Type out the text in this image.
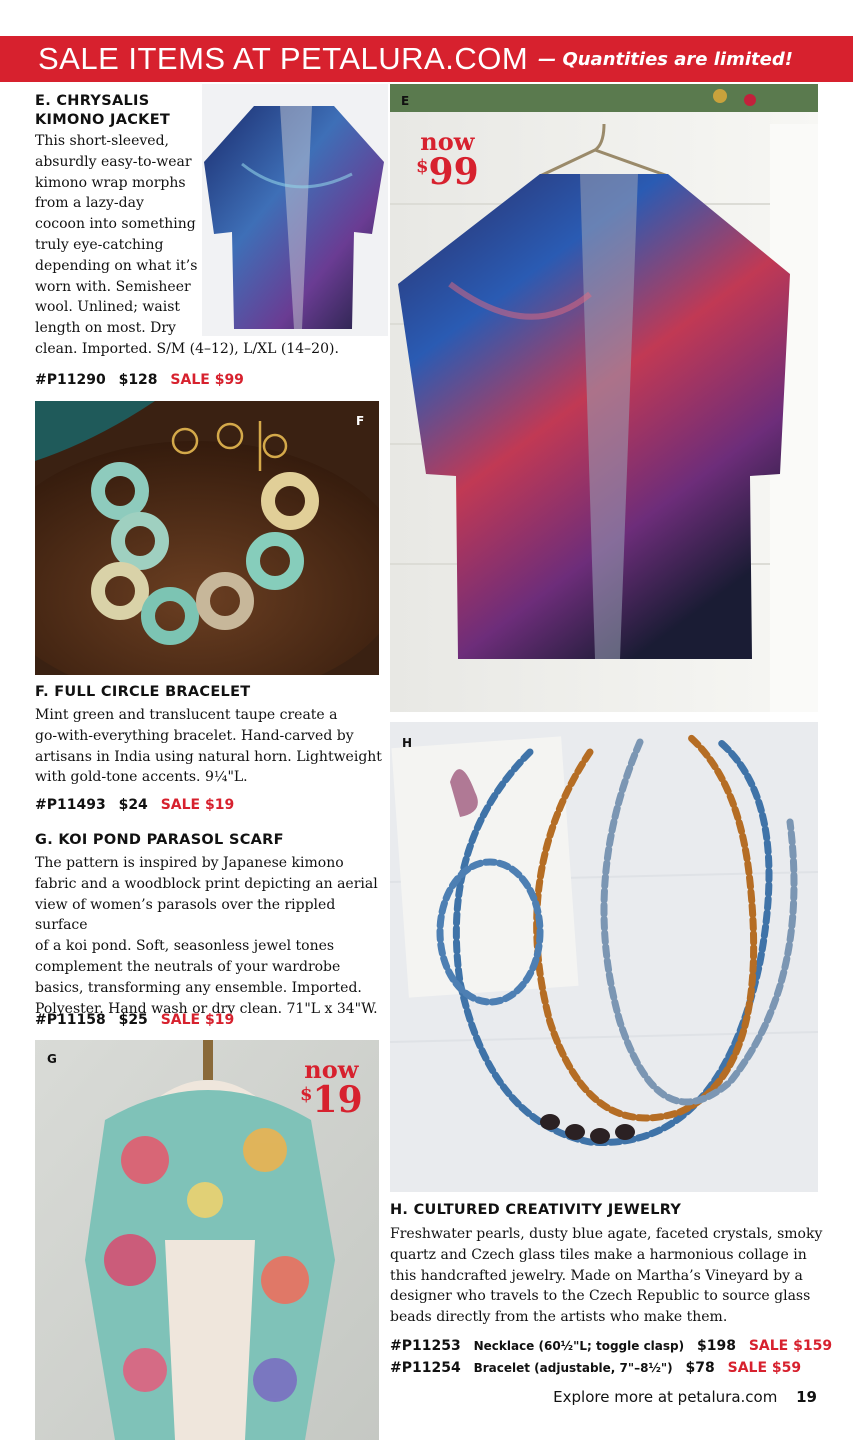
SALE ITEMS AT PETALURA.COM — Quantities are limited!
E. CHRYSALIS
KIMONO JACKET
This short-sleeved,
absurdly easy-to-wear
kimono wrap morphs
from a lazy-day
cocoon into something
truly eye-catching
depending on what it’s
worn with. Semisheer
wool. Unlined; waist
length on most. Dry
clean. Imported. S/M (4–12), L/XL (14–20).
#P11290 $128 SALE $99
E
now
$99
F
F. FULL CIRCLE BRACELET
Mint green and translucent taupe create a
go-with-everything bracelet. Hand-carved by
artisans in India using natural horn. Lightweight
with gold-tone accents. 9¼"L.
#P11493 $24 SALE $19
G. KOI POND PARASOL SCARF
The pattern is inspired by Japanese kimono
fabric and a woodblock print depicting an aerial
view of women’s parasols over the rippled surface
of a koi pond. Soft, seasonless jewel tones
complement the neutrals of your wardrobe
basics, transforming any ensemble. Imported.
Polyester. Hand wash or dry clean. 71"L x 34"W.
#P11158 $25 SALE $19
G	now
$19
H
H. CULTURED CREATIVITY JEWELRY
Freshwater pearls, dusty blue agate, faceted crystals, smoky
quartz and Czech glass tiles make a harmonious collage in
this handcrafted jewelry. Made on Martha’s Vineyard by a
designer who travels to the Czech Republic to source glass
beads directly from the artists who make them.
#P11253 Necklace (60½"L; toggle clasp) $198 SALE $159
#P11254 Bracelet (adjustable, 7"–8½") $78 SALE $59
Explore more at petalura.com 19
